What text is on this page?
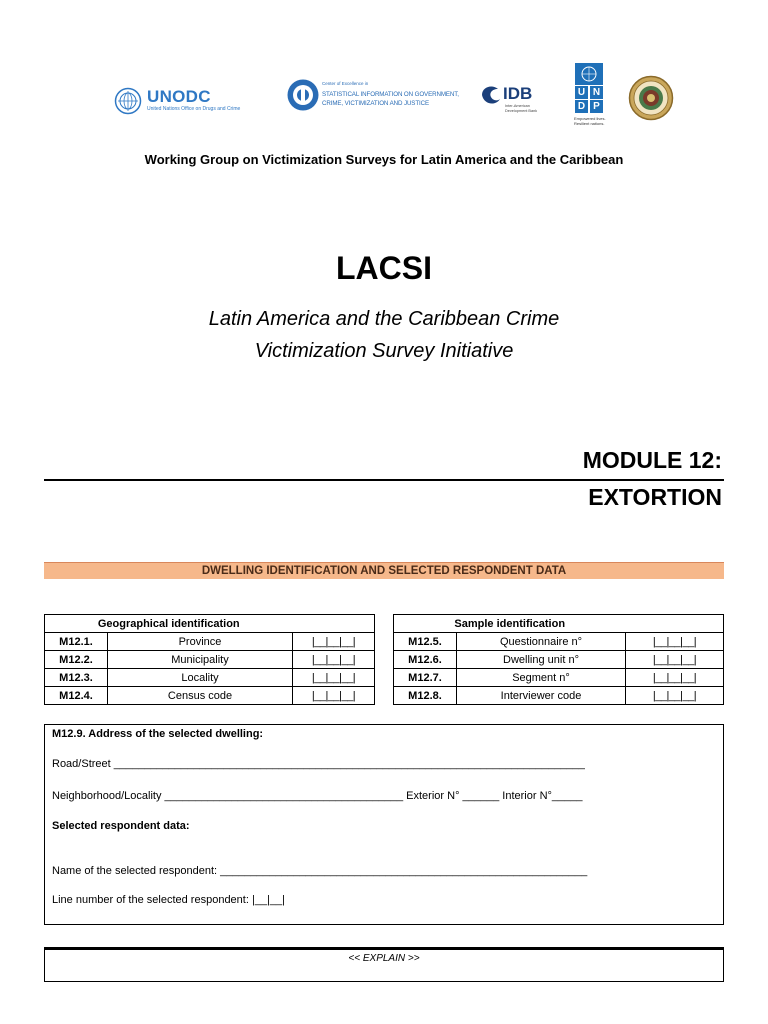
UNODC
United Nations Office on Drugs and Crime
Center of Excellence in
STATISTICAL INFORMATION ON GOVERNMENT,
CRIME, VICTIMIZATION AND JUSTICE
IDB
Inter-American
Development Bank
U N
D P
Empowered lives.
Resilient nations.
Working Group on Victimization Surveys for Latin America and the Caribbean
LACSI
Latin America and the Caribbean Crime
Victimization Survey Initiative
MODULE 12:
EXTORTION
DWELLING IDENTIFICATION AND SELECTED RESPONDENT DATA
Geographical identification		
M12.1.	Province	|__|__|__|
M12.2.	Municipality	|__|__|__|
M12.3.	Locality	|__|__|__|
M12.4.	Census code	|__|__|__|
Sample identification		
M12.5.	Questionnaire n°	|__|__|__|
M12.6.	Dwelling unit n°	|__|__|__|
M12.7.	Segment n°	|__|__|__|
M12.8.	Interviewer code	|__|__|__|
M12.9. Address of the selected dwelling:
Road/Street _____________________________________________________________________________
Neighborhood/Locality _______________________________________ Exterior N° ______ Interior N°_____
Selected respondent data:
Name of the selected respondent: ____________________________________________________________
Line number of the selected respondent: |__|__|
<< EXPLAIN >>
